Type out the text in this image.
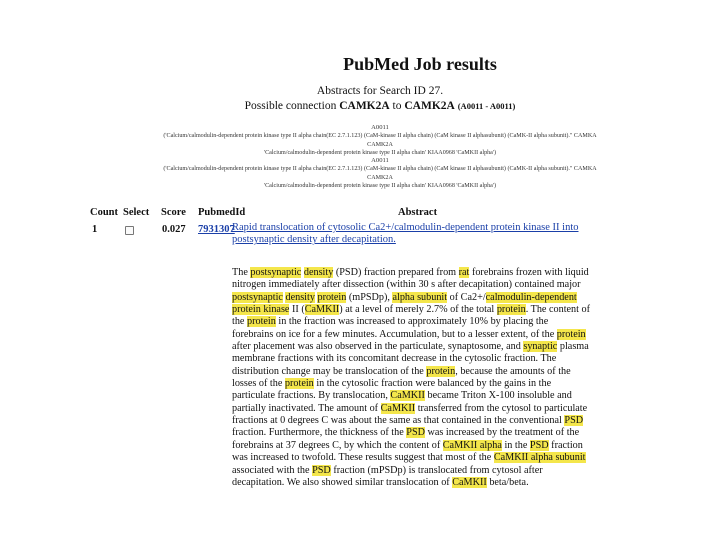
PubMed Job results
Abstracts for Search ID 27.
Possible connection CAMK2A to CAMK2A (A0011 - A0011)
A0011
('Calcium/calmodulin-dependent protein kinase type II alpha chain(EC 2.7.1.123) (CaM-kinase II alpha chain) (CaM kinase II alphasubunit) (CaMK-II alpha subunit)." CAMKA CAMK2A
'Calcium/calmodulin-dependent protein kinase type II alpha chain' KIAA0968 'CaMKII alpha')
A0011
('Calcium/calmodulin-dependent protein kinase type II alpha chain(EC 2.7.1.123) (CaM-kinase II alpha chain) (CaM kinase II alphasubunit) (CaMK-II alpha subunit)." CAMKA CAMK2A
'Calcium/calmodulin-dependent protein kinase type II alpha chain' KIAA0968 'CaMKII alpha')
Count Select Score PubmedId	Abstract
1	0.027 7931307
Rapid translocation of cytosolic Ca2+/calmodulin-dependent protein kinase II into postsynaptic density after decapitation.
The postsynaptic density (PSD) fraction prepared from rat forebrains frozen with liquid nitrogen immediately after dissection (within 30 s after decapitation) contained major postsynaptic density protein (mPSDp), alpha subunit of Ca2+/calmodulin-dependent protein kinase II (CaMKII) at a level of merely 2.7% of the total protein. The content of the protein in the fraction was increased to approximately 10% by placing the forebrains on ice for a few minutes. Accumulation, but to a lesser extent, of the protein after placement was also observed in the particulate, synaptosome, and synaptic plasma membrane fractions with its concomitant decrease in the cytosolic fraction. The distribution change may be translocation of the protein, because the amounts of the losses of the protein in the cytosolic fraction were balanced by the gains in the particulate fractions. By translocation, CaMKII became Triton X-100 insoluble and partially inactivated. The amount of CaMKII transferred from the cytosol to particulate fractions at 0 degrees C was about the same as that contained in the conventional PSD fraction. Furthermore, the thickness of the PSD was increased by the treatment of the forebrains at 37 degrees C, by which the content of CaMKII alpha in the PSD fraction was increased to twofold. These results suggest that most of the CaMKII alpha subunit associated with the PSD fraction (mPSDp) is translocated from cytosol after decapitation. We also showed similar translocation of CaMKII beta/beta.
